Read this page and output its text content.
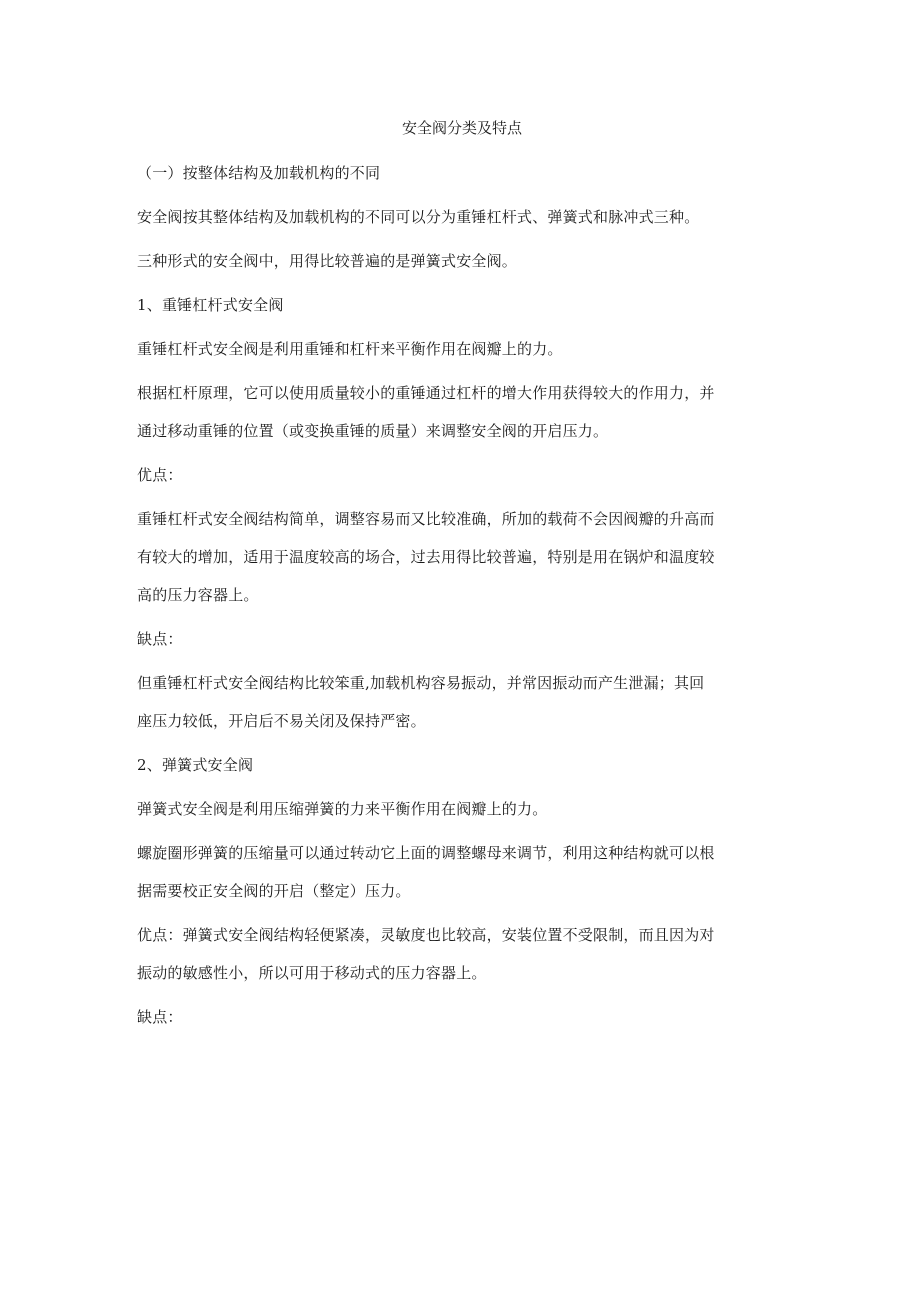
安全阀分类及特点

（一）按整体结构及加载机构的不同

安全阀按其整体结构及加载机构的不同可以分为重锤杠杆式、弹簧式和脉冲式三种。

三种形式的安全阀中，用得比较普遍的是弹簧式安全阀。

1、重锤杠杆式安全阀

重锤杠杆式安全阀是利用重锤和杠杆来平衡作用在阀瓣上的力。

根据杠杆原理，它可以使用质量较小的重锤通过杠杆的增大作用获得较大的作用力，并
通过移动重锤的位置（或变换重锤的质量）来调整安全阀的开启压力。

优点：

重锤杠杆式安全阀结构简单，调整容易而又比较准确，所加的载荷不会因阀瓣的升高而
有较大的增加，适用于温度较高的场合，过去用得比较普遍，特别是用在锅炉和温度较
高的压力容器上。

缺点：

但重锤杠杆式安全阀结构比较笨重,加载机构容易振动，并常因振动而产生泄漏；其回
座压力较低，开启后不易关闭及保持严密。

2、弹簧式安全阀

弹簧式安全阀是利用压缩弹簧的力来平衡作用在阀瓣上的力。

螺旋圈形弹簧的压缩量可以通过转动它上面的调整螺母来调节，利用这种结构就可以根
据需要校正安全阀的开启（整定）压力。

优点：弹簧式安全阀结构轻便紧凑，灵敏度也比较高，安装位置不受限制，而且因为对
振动的敏感性小，所以可用于移动式的压力容器上。

缺点：
